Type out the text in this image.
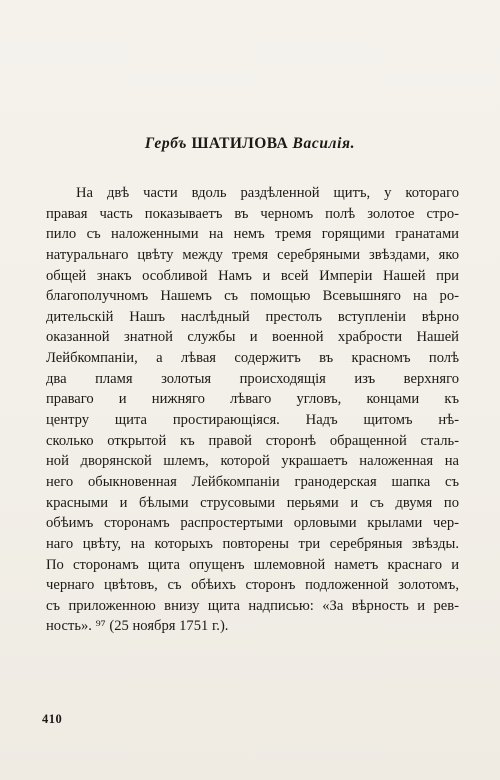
Гербъ ШАТИЛОВА Василія.
На двѣ части вдоль раздѣленной щитъ, у котораго
правая часть показываетъ въ черномъ полѣ золотое стро-
пило съ наложенными на немъ тремя горящими гранатами
натуральнаго цвѣту между тремя серебряными звѣздами, яко
общей знакъ особливой Намъ и всей Имперіи Нашей при
благополучномъ Нашемъ съ помощью Всевышняго на ро-
дительскій Нашъ наслѣдный престолъ вступленіи вѣрно
оказанной знатной службы и военной храбрости Нашей
Лейбкомпаніи, а лѣвая содержитъ въ красномъ полѣ
два пламя золотыя происходящія изъ верхняго
праваго и нижняго лѣваго угловъ, концами къ
центру щита простирающіяся. Надъ щитомъ нѣ-
сколько открытой къ правой сторонѣ обращенной сталь-
ной дворянской шлемъ, которой украшаетъ наложенная на
него обыкновенная Лейбкомпаніи гранодерская шапка съ
красными и бѣлыми струсовыми перьями и съ двумя по
обѣимъ сторонамъ распростертыми орловыми крылами чер-
наго цвѣту, на которыхъ повторены три серебряныя звѣзды.
По сторонамъ щита опущенъ шлемовной наметъ краснаго и
чернаго цвѣтовъ, съ обѣихъ сторонъ подложенной золотомъ,
съ приложенною внизу щита надписью: «За вѣрность и рев-
ность». ⁹⁷ (25 ноября 1751 г.).
410
